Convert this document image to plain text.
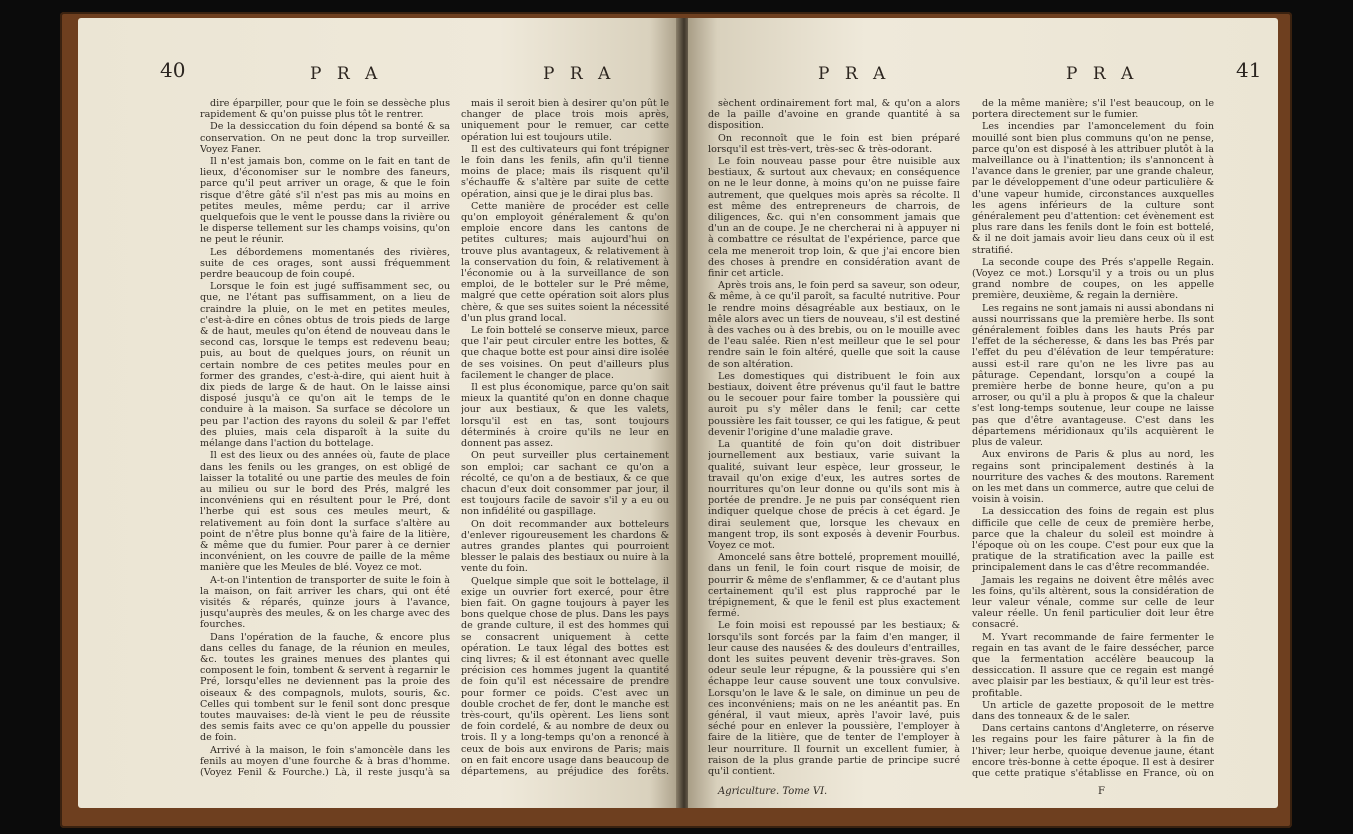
40	P R A	P R A

dire éparpiller, pour que le foin se dessèche plus rapidement & qu'on puisse plus tôt le rentrer.

De la dessiccation du foin dépend sa bonté & sa conservation. On ne peut donc la trop surveiller. Voyez Faner.

Il n'est jamais bon, comme on le fait en tant de lieux, d'économiser sur le nombre des faneurs, parce qu'il peut arriver un orage, & que le foin risque d'être gâté s'il n'est pas mis au moins en petites meules, même perdu; car il arrive quelquefois que le vent le pousse dans la rivière ou le disperse tellement sur les champs voisins, qu'on ne peut le réunir.

Les débordemens momentanés des rivières, suite de ces orages, sont aussi fréquemment perdre beaucoup de foin coupé.

Lorsque le foin est jugé suffisamment sec, ou que, ne l'étant pas suffisamment, on a lieu de craindre la pluie, on le met en petites meules, c'est-à-dire en cônes obtus de trois pieds de large & de haut, meules qu'on étend de nouveau dans le second cas, lorsque le temps est redevenu beau; puis, au bout de quelques jours, on réunit un certain nombre de ces petites meules pour en former des grandes, c'est-à-dire, qui aient huit à dix pieds de large & de haut. On le laisse ainsi disposé jusqu'à ce qu'on ait le temps de le conduire à la maison. Sa surface se décolore un peu par l'action des rayons du soleil & par l'effet des pluies, mais cela disparoît à la suite du mélange dans l'action du bottelage.

Il est des lieux ou des années où, faute de place dans les fenils ou les granges, on est obligé de laisser la totalité ou une partie des meules de foin au milieu ou sur le bord des Prés, malgré les inconvéniens qui en résultent pour le Pré, dont l'herbe qui est sous ces meules meurt, & relativement au foin dont la surface s'altère au point de n'être plus bonne qu'à faire de la litière, & même que du fumier. Pour parer à ce dernier inconvénient, on les couvre de paille de la même manière que les Meules de blé. Voyez ce mot.

A-t-on l'intention de transporter de suite le foin à la maison, on fait arriver les chars, qui ont été visités & réparés, quinze jours à l'avance, jusqu'auprès des meules, & on les charge avec des fourches.

Dans l'opération de la fauche, & encore plus dans celles du fanage, de la réunion en meules, &c. toutes les graines menues des plantes qui composent le foin, tombent & servent à regarnir le Pré, lorsqu'elles ne deviennent pas la proie des oiseaux & des compagnols, mulots, souris, &c. Celles qui tombent sur le fenil sont donc presque toutes mauvaises: de-là vient le peu de réussite des semis faits avec ce qu'on appelle du poussier de foin.

Arrivé à la maison, le foin s'amoncèle dans les fenils au moyen d'une fourche & à bras d'homme. (Voyez Fenil & Fourche.) Là, il reste jusqu'à sa

mais il seroit bien à desirer qu'on pût le changer de place trois mois après, uniquement pour le remuer, car cette opération lui est toujours utile.

Il est des cultivateurs qui font trépigner le foin dans les fenils, afin qu'il tienne moins de place; mais ils risquent qu'il s'échauffe & s'altère par suite de cette opération, ainsi que je le dirai plus bas.

Cette manière de procéder est celle qu'on employoit généralement & qu'on emploie encore dans les cantons de petites cultures; mais aujourd'hui on trouve plus avantageux, & relativement à la conservation du foin, & relativement à l'économie ou à la surveillance de son emploi, de le botteler sur le Pré même, malgré que cette opération soit alors plus chère, & que ses suites soient la nécessité d'un plus grand local.

Le foin bottelé se conserve mieux, parce que l'air peut circuler entre les bottes, & que chaque botte est pour ainsi dire isolée de ses voisines. On peut d'ailleurs plus facilement le changer de place.

Il est plus économique, parce qu'on sait mieux la quantité qu'on en donne chaque jour aux bestiaux, & que les valets, lorsqu'il est en tas, sont toujours déterminés à croire qu'ils ne leur en donnent pas assez.

On peut surveiller plus certainement son emploi; car sachant ce qu'on a récolté, ce qu'on a de bestiaux, & ce que chacun d'eux doit consommer par jour, il est toujours facile de savoir s'il y a eu ou non infidélité ou gaspillage.

On doit recommander aux botteleurs d'enlever rigoureusement les chardons & autres grandes plantes qui pourroient blesser le palais des bestiaux ou nuire à la vente du foin.

Quelque simple que soit le bottelage, il exige un ouvrier fort exercé, pour être bien fait. On gagne toujours à payer les bons quelque chose de plus. Dans les pays de grande culture, il est des hommes qui se consacrent uniquement à cette opération. Le taux légal des bottes est cinq livres; & il est étonnant avec quelle précision ces hommes jugent la quantité de foin qu'il est nécessaire de prendre pour former ce poids. C'est avec un double crochet de fer, dont le manche est très-court, qu'ils opèrent. Les liens sont de foin cordelé, & au nombre de deux ou trois. Il y a long-temps qu'on a renoncé à ceux de bois aux environs de Paris; mais on en fait encore usage dans beaucoup de départemens, au préjudice des forêts.

P R A	P R A	41

sèchent ordinairement fort mal, & qu'on a alors de la paille d'avoine en grande quantité à sa disposition.

On reconnoît que le foin est bien préparé lorsqu'il est très-vert, très-sec & très-odorant.

Le foin nouveau passe pour être nuisible aux bestiaux, & surtout aux chevaux; en conséquence on ne le leur donne, à moins qu'on ne puisse faire autrement, que quelques mois après sa récolte. Il est même des entrepreneurs de charrois, de diligences, &c. qui n'en consomment jamais que d'un an de coupe. Je ne chercherai ni à appuyer ni à combattre ce résultat de l'expérience, parce que cela me meneroit trop loin, & que j'ai encore bien des choses à prendre en considération avant de finir cet article.

Après trois ans, le foin perd sa saveur, son odeur, & même, à ce qu'il paroît, sa faculté nutritive. Pour le rendre moins désagréable aux bestiaux, on le mêle alors avec un tiers de nouveau, s'il est destiné à des vaches ou à des brebis, ou on le mouille avec de l'eau salée. Rien n'est meilleur que le sel pour rendre sain le foin altéré, quelle que soit la cause de son altération.

Les domestiques qui distribuent le foin aux bestiaux, doivent être prévenus qu'il faut le battre ou le secouer pour faire tomber la poussière qui auroit pu s'y mêler dans le fenil; car cette poussière les fait tousser, ce qui les fatigue, & peut devenir l'origine d'une maladie grave.

La quantité de foin qu'on doit distribuer journellement aux bestiaux, varie suivant la qualité, suivant leur espèce, leur grosseur, le travail qu'on exige d'eux, les autres sortes de nourritures qu'on leur donne ou qu'ils sont mis à portée de prendre. Je ne puis par conséquent rien indiquer quelque chose de précis à cet égard. Je dirai seulement que, lorsque les chevaux en mangent trop, ils sont exposés à devenir Fourbus. Voyez ce mot.

Amoncelé sans être bottelé, proprement mouillé, dans un fenil, le foin court risque de moisir, de pourrir & même de s'enflammer, & ce d'autant plus certainement qu'il est plus rapproché par le trépignement, & que le fenil est plus exactement fermé.

Le foin moisi est repoussé par les bestiaux; & lorsqu'ils sont forcés par la faim d'en manger, il leur cause des nausées & des douleurs d'entrailles, dont les suites peuvent devenir très-graves. Son odeur seule leur répugne, & la poussière qui s'en échappe leur cause souvent une toux convulsive. Lorsqu'on le lave & le sale, on diminue un peu de ces inconvéniens; mais on ne les anéantit pas. En général, il vaut mieux, après l'avoir lavé, puis séché pour en enlever la poussière, l'employer à faire de la litière, que de tenter de l'employer à leur nourriture. Il fournit un excellent fumier, à raison de la plus grande partie de principe sucré qu'il contient.

de la même manière; s'il l'est beaucoup, on le portera directement sur le fumier.

Les incendies par l'amoncelement du foin mouillé sont bien plus communs qu'on ne pense, parce qu'on est disposé à les attribuer plutôt à la malveillance ou à l'inattention; ils s'annoncent à l'avance dans le grenier, par une grande chaleur, par le développement d'une odeur particulière & d'une vapeur humide, circonstances auxquelles les agens inférieurs de la culture sont généralement peu d'attention: cet évènement est plus rare dans les fenils dont le foin est bottelé, & il ne doit jamais avoir lieu dans ceux où il est stratifié.

La seconde coupe des Prés s'appelle Regain. (Voyez ce mot.) Lorsqu'il y a trois ou un plus grand nombre de coupes, on les appelle première, deuxième, & regain la dernière.

Les regains ne sont jamais ni aussi abondans ni aussi nourrissans que la première herbe. Ils sont généralement foibles dans les hauts Prés par l'effet de la sécheresse, & dans les bas Prés par l'effet du peu d'élévation de leur température: aussi est-il rare qu'on ne les livre pas au pâturage. Cependant, lorsqu'on a coupé la première herbe de bonne heure, qu'on a pu arroser, ou qu'il a plu à propos & que la chaleur s'est long-temps soutenue, leur coupe ne laisse pas que d'être avantageuse. C'est dans les départemens méridionaux qu'ils acquièrent le plus de valeur.

Aux environs de Paris & plus au nord, les regains sont principalement destinés à la nourriture des vaches & des moutons. Rarement on les met dans un commerce, autre que celui de voisin à voisin.

La dessiccation des foins de regain est plus difficile que celle de ceux de première herbe, parce que la chaleur du soleil est moindre à l'époque où on les coupe. C'est pour eux que la pratique de la stratification avec la paille est principalement dans le cas d'être recommandée.

Jamais les regains ne doivent être mêlés avec les foins, qu'ils altèrent, sous la considération de leur valeur vénale, comme sur celle de leur valeur réelle. Un fenil particulier doit leur être consacré.

M. Yvart recommande de faire fermenter le regain en tas avant de le faire dessécher, parce que la fermentation accélère beaucoup la dessiccation. Il assure que ce regain est mangé avec plaisir par les bestiaux, & qu'il leur est très-profitable.

Un article de gazette proposoit de le mettre dans des tonneaux & de le saler.

Dans certains cantons d'Angleterre, on réserve les regains pour les faire pâturer à la fin de l'hiver; leur herbe, quoique devenue jaune, étant encore très-bonne à cette époque. Il est à desirer que cette pratique s'établisse en France, où on

Agriculture. Tome VI.	F
